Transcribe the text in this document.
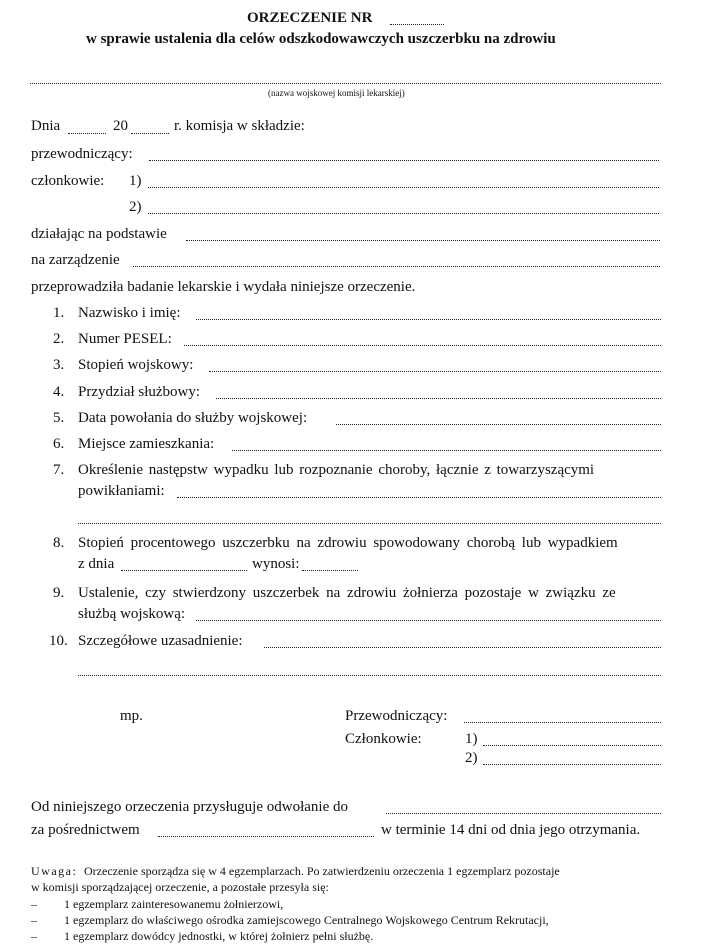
ORZECZENIE NR
w sprawie ustalenia dla celów odszkodowawczych uszczerbku na zdrowiu
(nazwa wojskowej komisji lekarskiej)
Dnia	20	r. komisja w składzie:
przewodniczący:
członkowie: 1)
2)
działając na podstawie
na zarządzenie
przeprowadziła badanie lekarskie i wydała niniejsze orzeczenie.
1. Nazwisko i imię:
2. Numer PESEL:
3. Stopień wojskowy:
4. Przydział służbowy:
5. Data powołania do służby wojskowej:
6. Miejsce zamieszkania:
7. Określenie następstw wypadku lub rozpoznanie choroby, łącznie z towarzyszącymi
powikłaniami:
8. Stopień procentowego uszczerbku na zdrowiu spowodowany chorobą lub wypadkiem
z dnia	wynosi:
9. Ustalenie, czy stwierdzony uszczerbek na zdrowiu żołnierza pozostaje w związku ze
służbą wojskową:
10. Szczegółowe uzasadnienie:
mp.	Przewodniczący:
Członkowie:	1)
2)
Od niniejszego orzeczenia przysługuje odwołanie do
za pośrednictwem	w terminie 14 dni od dnia jego otrzymania.
Uwaga: Orzeczenie sporządza się w 4 egzemplarzach. Po zatwierdzeniu orzeczenia 1 egzemplarz pozostaje
w komisji sporządzającej orzeczenie, a pozostałe przesyła się:
– 1 egzemplarz zainteresowanemu żołnierzowi,
– 1 egzemplarz do właściwego ośrodka zamiejscowego Centralnego Wojskowego Centrum Rekrutacji,
– 1 egzemplarz dowódcy jednostki, w której żołnierz pełni służbę.
